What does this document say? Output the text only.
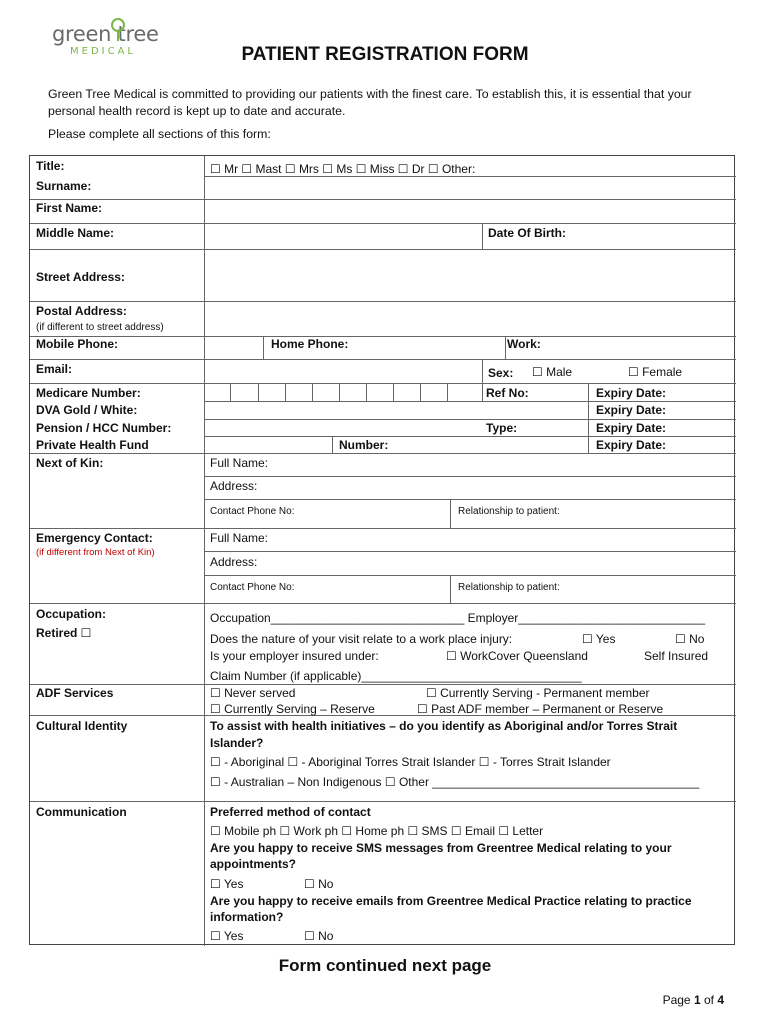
green tree
MEDICAL	PATIENT REGISTRATION FORM
Green Tree Medical is committed to providing our patients with the finest care. To establish this, it is essential that your personal health record is kept up to date and accurate.
Please complete all sections of this form:
Title:	☐ Mr ☐ Mast ☐ Mrs ☐ Ms ☐ Miss ☐ Dr ☐ Other:
Surname:
First Name:
Middle Name:	Date Of Birth:
Street Address:
Postal Address:
(if different to street address)
Mobile Phone:	Home Phone:	Work:
Email:	Sex: ☐ Male	☐ Female
Medicare Number:	Ref No:	Expiry Date:
DVA Gold / White:	Expiry Date:
Pension / HCC Number:	Type:	Expiry Date:
Private Health Fund	Number:	Expiry Date:
Next of Kin:	Full Name:
Address:
Contact Phone No:	Relationship to patient:
Emergency Contact:
(if different from Next of Kin)
Full Name:
Address:
Contact Phone No:	Relationship to patient:
Occupation:
Retired ☐
Occupation_____________________________ Employer____________________________
Does the nature of your visit relate to a work place injury:	☐ Yes	☐ No
Is your employer insured under:	☐ WorkCover Queensland	Self Insured
Claim Number (if applicable)_________________________________
ADF Services	☐ Never served	☐ Currently Serving - Permanent member
☐ Currently Serving – Reserve	☐ Past ADF member – Permanent or Reserve
Cultural Identity	To assist with health initiatives – do you identify as Aboriginal and/or Torres Strait
Islander?
☐ - Aboriginal ☐ - Aboriginal Torres Strait Islander ☐ - Torres Strait Islander
☐ - Australian – Non Indigenous ☐ Other ________________________________________
Communication	Preferred method of contact
☐ Mobile ph ☐ Work ph ☐ Home ph ☐ SMS ☐ Email ☐ Letter
Are you happy to receive SMS messages from Greentree Medical relating to your
appointments?
☐ Yes	☐ No
Are you happy to receive emails from Greentree Medical Practice relating to practice
information?
☐ Yes	☐ No
Form continued next page
Page 1 of 4
